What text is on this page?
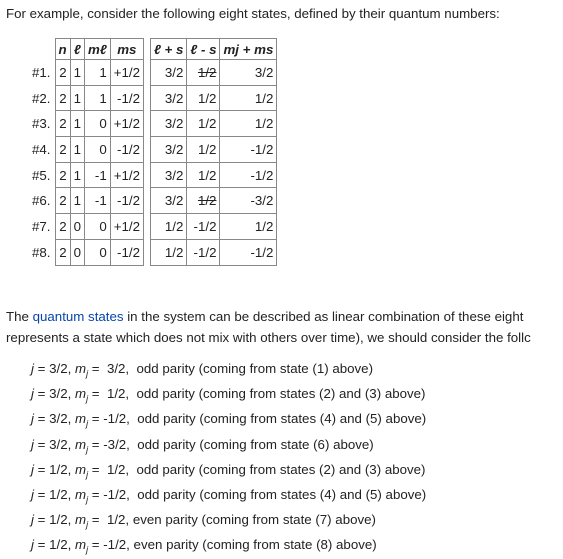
For example, consider the following eight states, defined by their quantum numbers:
	n	ℓ	mℓ	ms		ℓ + s	ℓ - s	mj + ms
#1.	2	1	1	+1/2		3/2	1/2	3/2
#2.	2	1	1	-1/2		3/2	1/2	1/2
#3.	2	1	0	+1/2		3/2	1/2	1/2
#4.	2	1	0	-1/2		3/2	1/2	-1/2
#5.	2	1	-1	+1/2		3/2	1/2	-1/2
#6.	2	1	-1	-1/2		3/2	1/2	-3/2
#7.	2	0	0	+1/2		1/2	-1/2	1/2
#8.	2	0	0	-1/2		1/2	-1/2	-1/2
The quantum states in the system can be described as linear combination of these eight
represents a state which does not mix with others over time), we should consider the follc
j = 3/2, $m_j = 3/2$,  odd parity (coming from state (1) above)
j = 3/2, $m_j = 1/2$,  odd parity (coming from states (2) and (3) above)
j = 3/2, $m_j = -1/2$,  odd parity (coming from states (4) and (5) above)
j = 3/2, $m_j = -3/2$,  odd parity (coming from state (6) above)
j = 1/2, $m_j = 1/2$,  odd parity (coming from states (2) and (3) above)
j = 1/2, $m_j = -1/2$,  odd parity (coming from states (4) and (5) above)
j = 1/2, $m_j = 1/2$, even parity (coming from state (7) above)
j = 1/2, $m_j = -1/2$, even parity (coming from state (8) above)
